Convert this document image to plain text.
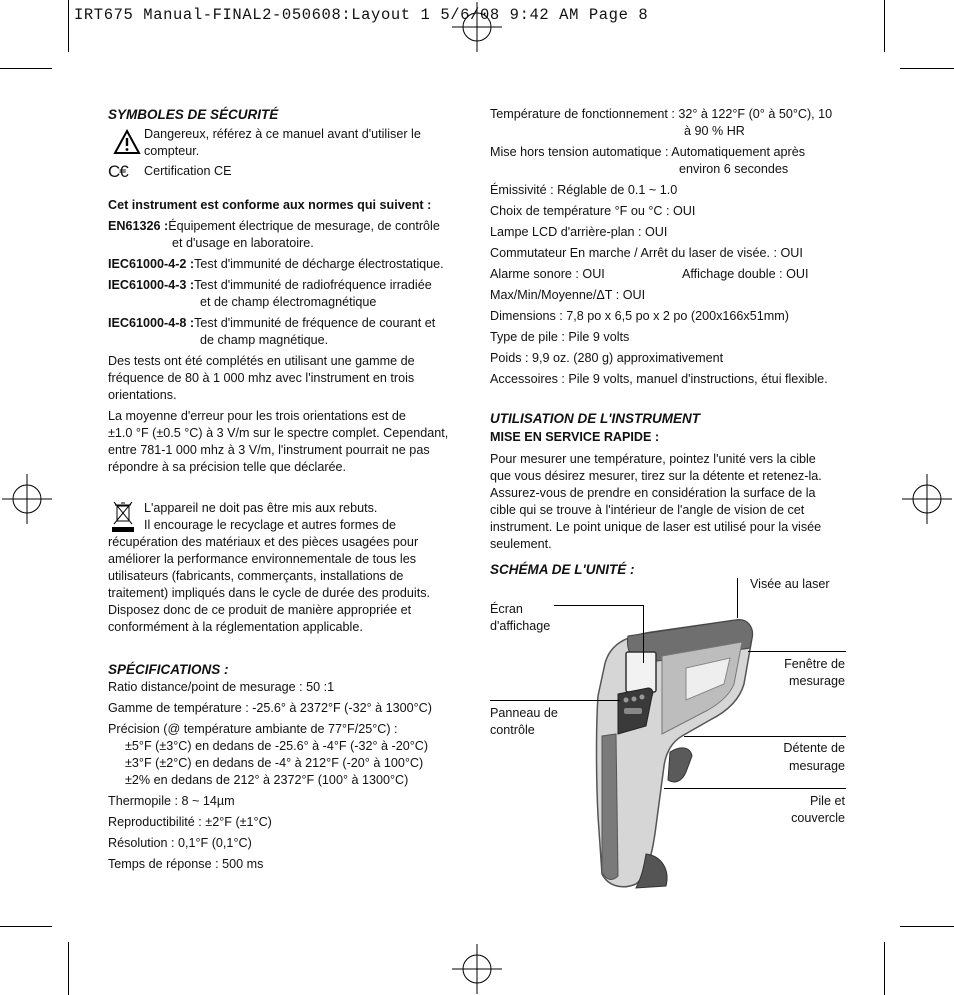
IRT675 Manual-FINAL2-050608:Layout 1 5/6/08 9:42 AM Page 8

SYMBOLES DE SÉCURITÉ

Dangereux, référez à ce manuel avant d'utiliser le

compteur.

C€ Certification CE

Cet instrument est conforme aux normes qui suivent :

EN61326 : Équipement électrique de mesurage, de contrôle

et d'usage en laboratoire.

IEC61000-4-2 : Test d'immunité de décharge électrostatique.
IEC61000-4-3 : Test d'immunité de radiofréquence irradiée

et de champ électromagnétique

IEC61000-4-8 : Test d'immunité de fréquence de courant et

de champ magnétique.

Des tests ont été complétés en utilisant une gamme de

fréquence de 80 à 1 000 mhz avec l'instrument en trois

orientations.

La moyenne d'erreur pour les trois orientations est de

±1.0 °F (±0.5 °C) à 3 V/m sur le spectre complet. Cependant,

entre 781-1 000 mhz à 3 V/m, l'instrument pourrait ne pas

répondre à sa précision telle que déclarée.

L'appareil ne doit pas être mis aux rebuts.

Il encourage le recyclage et autres formes de

récupération des matériaux et des pièces usagées pour

améliorer la performance environnementale de tous les

utilisateurs (fabricants, commerçants, installations de

traitement) impliqués dans le cycle de durée des produits.

Disposez donc de ce produit de manière appropriée et

conformément à la réglementation applicable.

SPÉCIFICATIONS :

Ratio distance/point de mesurage : 50 :1

Gamme de température : -25.6° à 2372°F (-32° à 1300°C)

Précision (@ température ambiante de 77°F/25°C) :

±5°F (±3°C) en dedans de -25.6° à -4°F (-32° à -20°C)

±3°F (±2°C) en dedans de -4° à 212°F (-20° à 100°C)

±2% en dedans de 212° à 2372°F (100° à 1300°C)

Thermopile : 8 ~ 14µm

Reproductibilité : ±2°F (±1°C)

Résolution : 0,1°F (0,1°C)

Temps de réponse : 500 ms

Température de fonctionnement : 32° à 122°F (0° à 50°C), 10

à 90 % HR

Mise hors tension automatique : Automatiquement après

environ 6 secondes

Émissivité : Réglable de 0.1 ~ 1.0

Choix de température °F ou °C : OUI

Lampe LCD d'arrière-plan : OUI

Commutateur En marche / Arrêt du laser de visée. : OUI

Alarme sonore : OUI	Affichage double : OUI

Max/Min/Moyenne/ΔT : OUI

Dimensions : 7,8 po x 6,5 po x 2 po (200x166x51mm)

Type de pile : Pile 9 volts

Poids : 9,9 oz. (280 g) approximativement

Accessoires : Pile 9 volts, manuel d'instructions, étui flexible.

UTILISATION DE L'INSTRUMENT

MISE EN SERVICE RAPIDE :

Pour mesurer une température, pointez l'unité vers la cible

que vous désirez mesurer, tirez sur la détente et retenez-la.

Assurez-vous de prendre en considération la surface de la

cible qui se trouve à l'intérieur de l'angle de vision de cet

instrument. Le point unique de laser est utilisé pour la visée

seulement.

SCHÉMA DE L'UNITÉ :

Visée au laser
Écran
d'affichage
Fenêtre de
mesurage
Panneau de
contrôle
Détente de
mesurage
Pile et
couvercle
